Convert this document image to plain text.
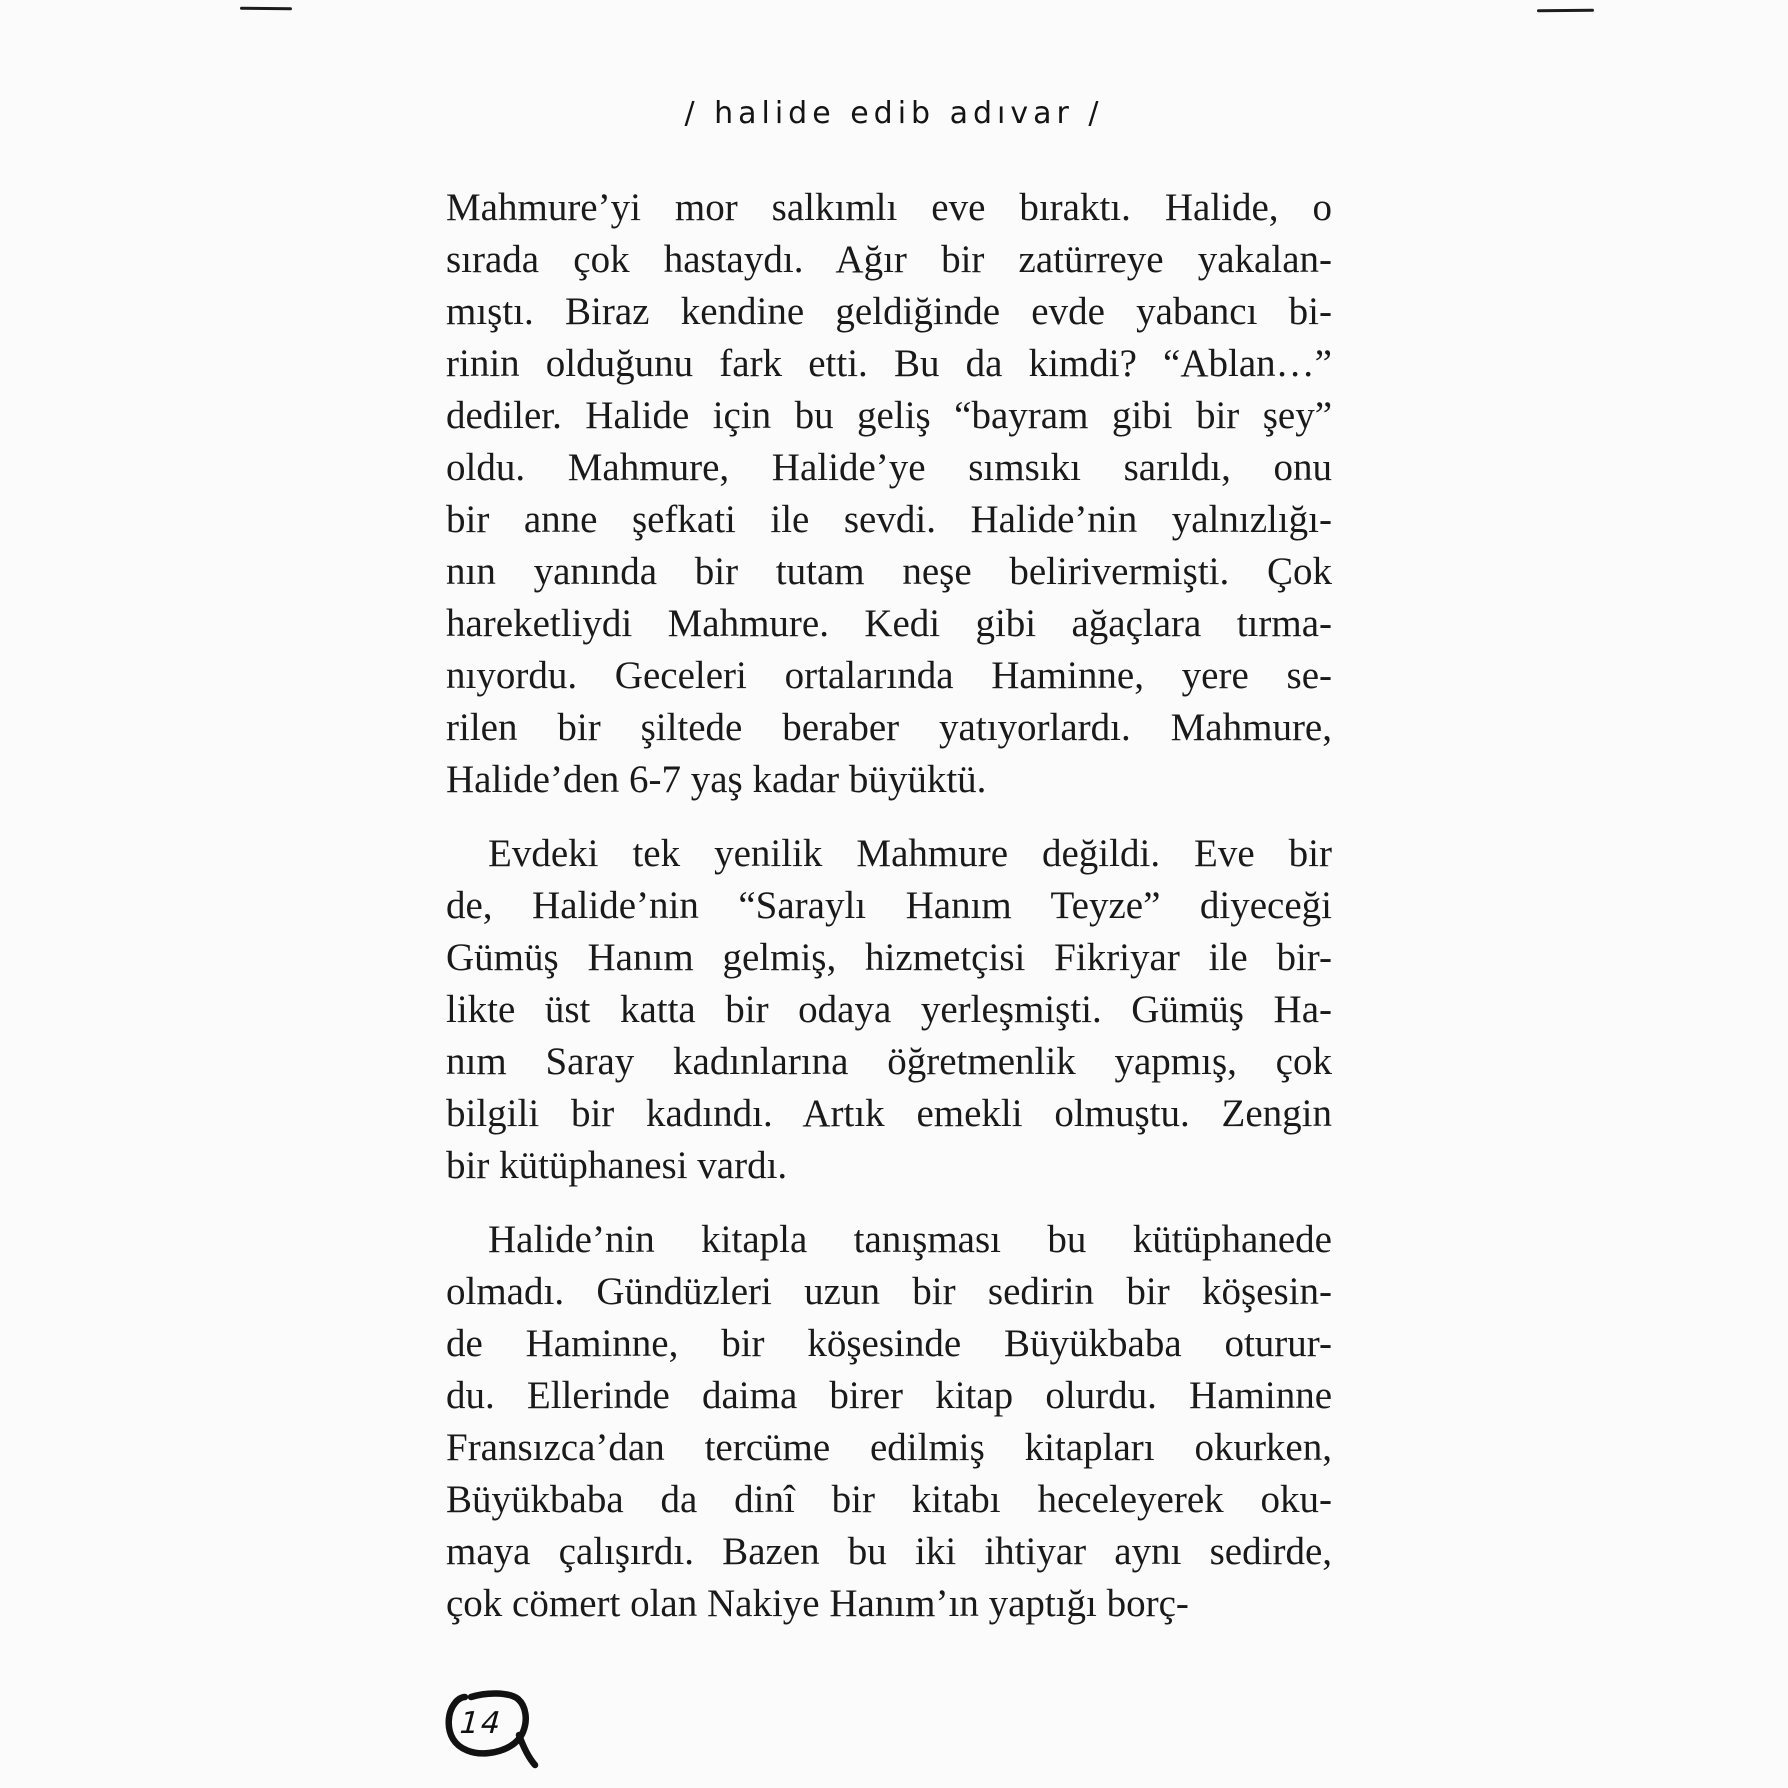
/ halide edib adıvar /
Mahmure’yi mor salkımlı eve bıraktı. Halide, o
sırada çok hastaydı. Ağır bir zatürreye yakalan-
mıştı. Biraz kendine geldiğinde evde yabancı bi-
rinin olduğunu fark etti. Bu da kimdi? “Ablan…”
dediler. Halide için bu geliş “bayram gibi bir şey”
oldu. Mahmure, Halide’ye sımsıkı sarıldı, onu
bir anne şefkati ile sevdi. Halide’nin yalnızlığı-
nın yanında bir tutam neşe belirivermişti. Çok
hareketliydi Mahmure. Kedi gibi ağaçlara tırma-
nıyordu. Geceleri ortalarında Haminne, yere se-
rilen bir şiltede beraber yatıyorlardı. Mahmure,
Halide’den 6-7 yaş kadar büyüktü.
Evdeki tek yenilik Mahmure değildi. Eve bir
de, Halide’nin “Saraylı Hanım Teyze” diyeceği
Gümüş Hanım gelmiş, hizmetçisi Fikriyar ile bir-
likte üst katta bir odaya yerleşmişti. Gümüş Ha-
nım Saray kadınlarına öğretmenlik yapmış, çok
bilgili bir kadındı. Artık emekli olmuştu. Zengin
bir kütüphanesi vardı.
Halide’nin kitapla tanışması bu kütüphanede
olmadı. Gündüzleri uzun bir sedirin bir köşesin-
de Haminne, bir köşesinde Büyükbaba oturur-
du. Ellerinde daima birer kitap olurdu. Haminne
Fransızca’dan tercüme edilmiş kitapları okurken,
Büyükbaba da dinî bir kitabı heceleyerek oku-
maya çalışırdı. Bazen bu iki ihtiyar aynı sedirde,
çok cömert olan Nakiye Hanım’ın yaptığı borç-
14
